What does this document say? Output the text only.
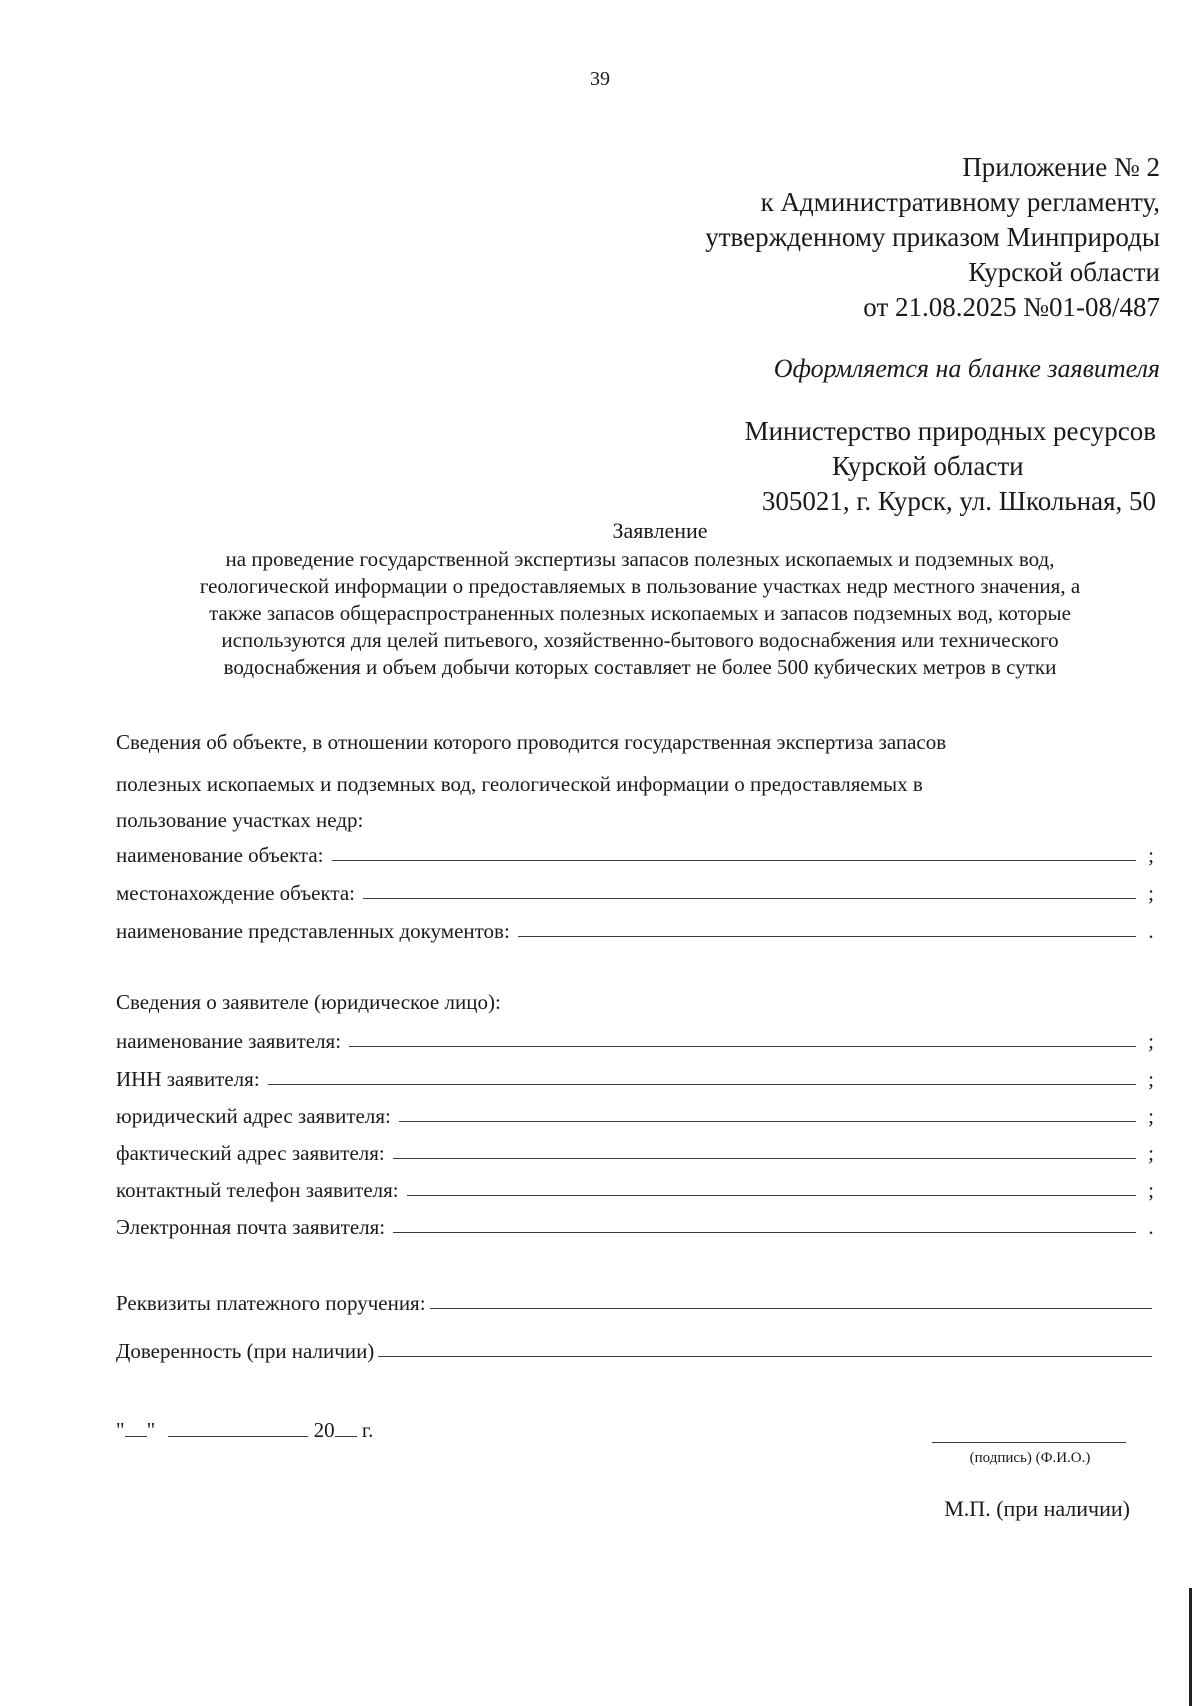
39
Приложение № 2
к Административному регламенту,
утвержденному приказом Минприроды
Курской области
от 21.08.2025 №01-08/487
Оформляется на бланке заявителя
Министерство природных ресурсов
Курской области
305021, г. Курск, ул. Школьная, 50
Заявление
на проведение государственной экспертизы запасов полезных ископаемых и подземных вод,
геологической информации о предоставляемых в пользование участках недр местного значения, а
также запасов общераспространенных полезных ископаемых и запасов подземных вод, которые
используются для целей питьевого, хозяйственно-бытового водоснабжения или технического
водоснабжения и объем добычи которых составляет не более 500 кубических метров в сутки
Сведения об объекте, в отношении которого проводится государственная экспертиза запасов
полезных ископаемых и подземных вод, геологической информации о предоставляемых в
пользование участках недр:
наименование объекта:	;
местонахождение объекта:	;
наименование представленных документов:	.
Сведения о заявителе (юридическое лицо):
наименование заявителя:	;
ИНН заявителя:	;
юридический адрес заявителя:	;
фактический адрес заявителя:	;
контактный телефон заявителя:	;
Электронная почта заявителя:	.
Реквизиты платежного поручения:
Доверенность (при наличии)
" "	20 г.
(подпись) (Ф.И.О.)
М.П. (при наличии)
